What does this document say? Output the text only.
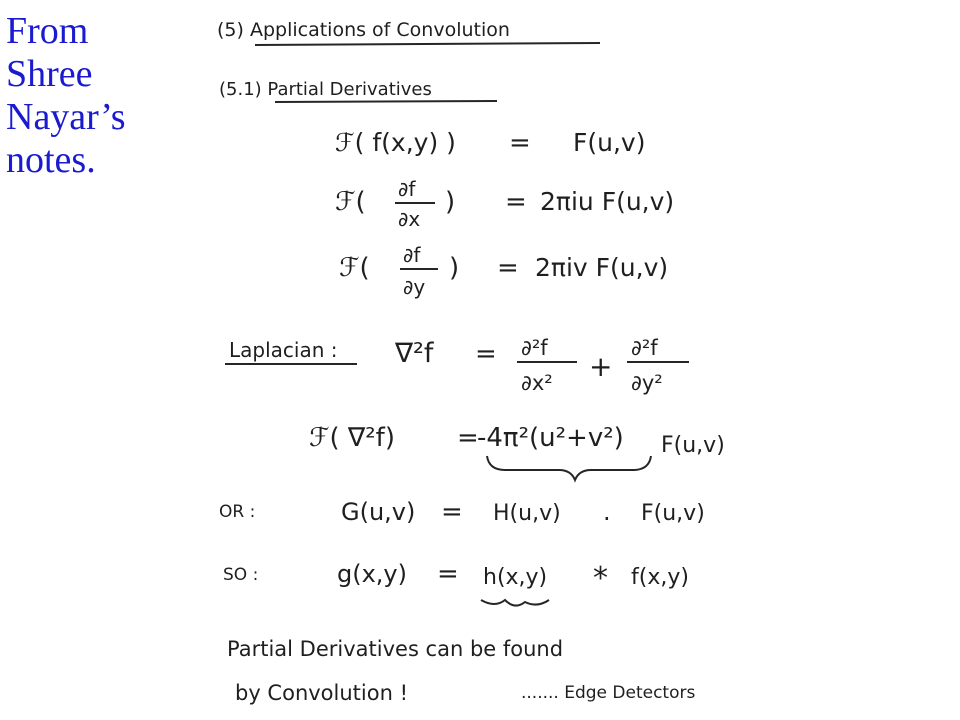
From
Shree
Nayar’s
notes.
(5) Applications of Convolution
(5.1) Partial Derivatives
ℱ( f(x,y) ) = F(u,v)
ℱ( ∂f
∂x
) = 2πiu F(u,v)
ℱ( ∂f
∂y
) = 2πiv F(u,v)
Laplacian : ∇²f = ∂²f
∂x² +
∂²f
∂y²
ℱ( ∇²f) =
-4π²(u²+v²) F(u,v)
OR :	G(u,v) = H(u,v) . F(u,v)
SO :	g(x,y) = h(x,y) * f(x,y)
Partial Derivatives can be found
by Convolution !	....... Edge Detectors
